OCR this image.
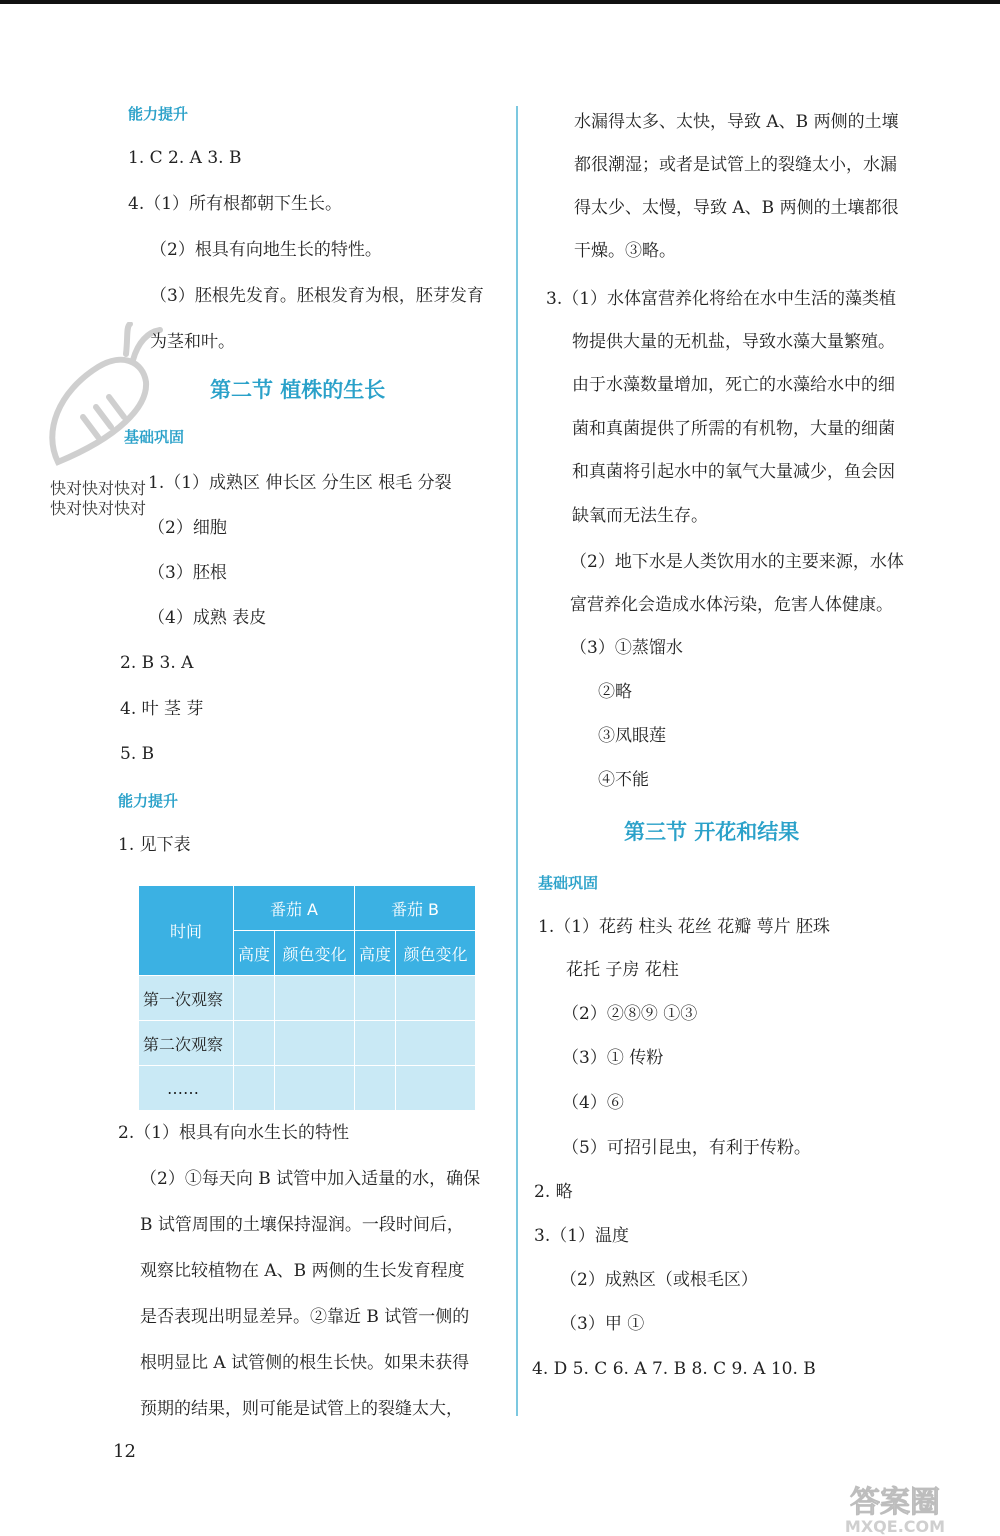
能力提升
1. C 2. A 3. B
4.（1）所有根都朝下生长。
（2）根具有向地生长的特性。
（3）胚根先发育。胚根发育为根，胚芽发育
为茎和叶。
第二节 植株的生长
基础巩固
1.（1）成熟区 伸长区 分生区 根毛 分裂
（2）细胞
（3）胚根
（4）成熟 表皮
2. B 3. A
4. 叶 茎 芽
5. B
能力提升
1. 见下表
快对快对快对
快对快对快对
时间	番茄 A		番茄 B	
	高度	颜色变化	高度	颜色变化
第一次观察				
第二次观察				
……				
2.（1）根具有向水生长的特性
（2）①每天向 B 试管中加入适量的水，确保
B 试管周围的土壤保持湿润。一段时间后，
观察比较植物在 A、B 两侧的生长发育程度
是否表现出明显差异。②靠近 B 试管一侧的
根明显比 A 试管侧的根生长快。如果未获得
预期的结果，则可能是试管上的裂缝太大，
水漏得太多、太快，导致 A、B 两侧的土壤
都很潮湿；或者是试管上的裂缝太小，水漏
得太少、太慢，导致 A、B 两侧的土壤都很
干燥。③略。
3.（1）水体富营养化将给在水中生活的藻类植
物提供大量的无机盐，导致水藻大量繁殖。
由于水藻数量增加，死亡的水藻给水中的细
菌和真菌提供了所需的有机物，大量的细菌
和真菌将引起水中的氧气大量减少，鱼会因
缺氧而无法生存。
（2）地下水是人类饮用水的主要来源，水体
富营养化会造成水体污染，危害人体健康。
（3）①蒸馏水
②略
③凤眼莲
④不能
第三节 开花和结果
基础巩固
1.（1）花药 柱头 花丝 花瓣 萼片 胚珠
花托 子房 花柱
（2）②⑧⑨ ①③
（3）① 传粉
（4）⑥
（5）可招引昆虫，有利于传粉。
2. 略
3.（1）温度
（2）成熟区（或根毛区）
（3）甲 ①
4. D 5. C 6. A 7. B 8. C 9. A 10. B
12
答案圈
MXQE.COM
